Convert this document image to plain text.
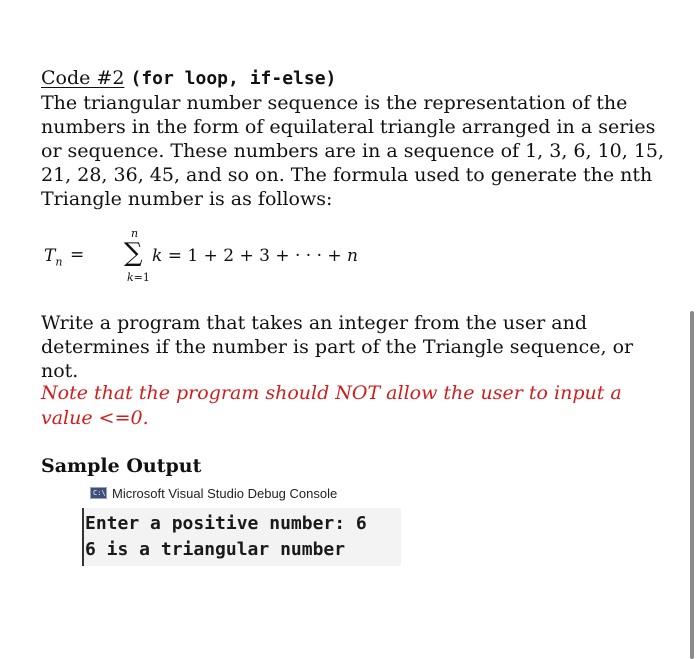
Code #2 (for loop, if-else)
The triangular number sequence is the representation of the numbers in the form of equilateral triangle arranged in a series or sequence. These numbers are in a sequence of 1, 3, 6, 10, 15, 21, 28, 36, 45, and so on. The formula used to generate the nth Triangle number is as follows:
$T_n$ =
n
∑
k=1
k = 1 + 2 + 3 + · · · + n
Write a program that takes an integer from the user and determines if the number is part of the Triangle sequence, or not.
Note that the program should NOT allow the user to input a value <=0.
Sample Output
C:\ Microsoft Visual Studio Debug Console
Enter a positive number: 6
6 is a triangular number
